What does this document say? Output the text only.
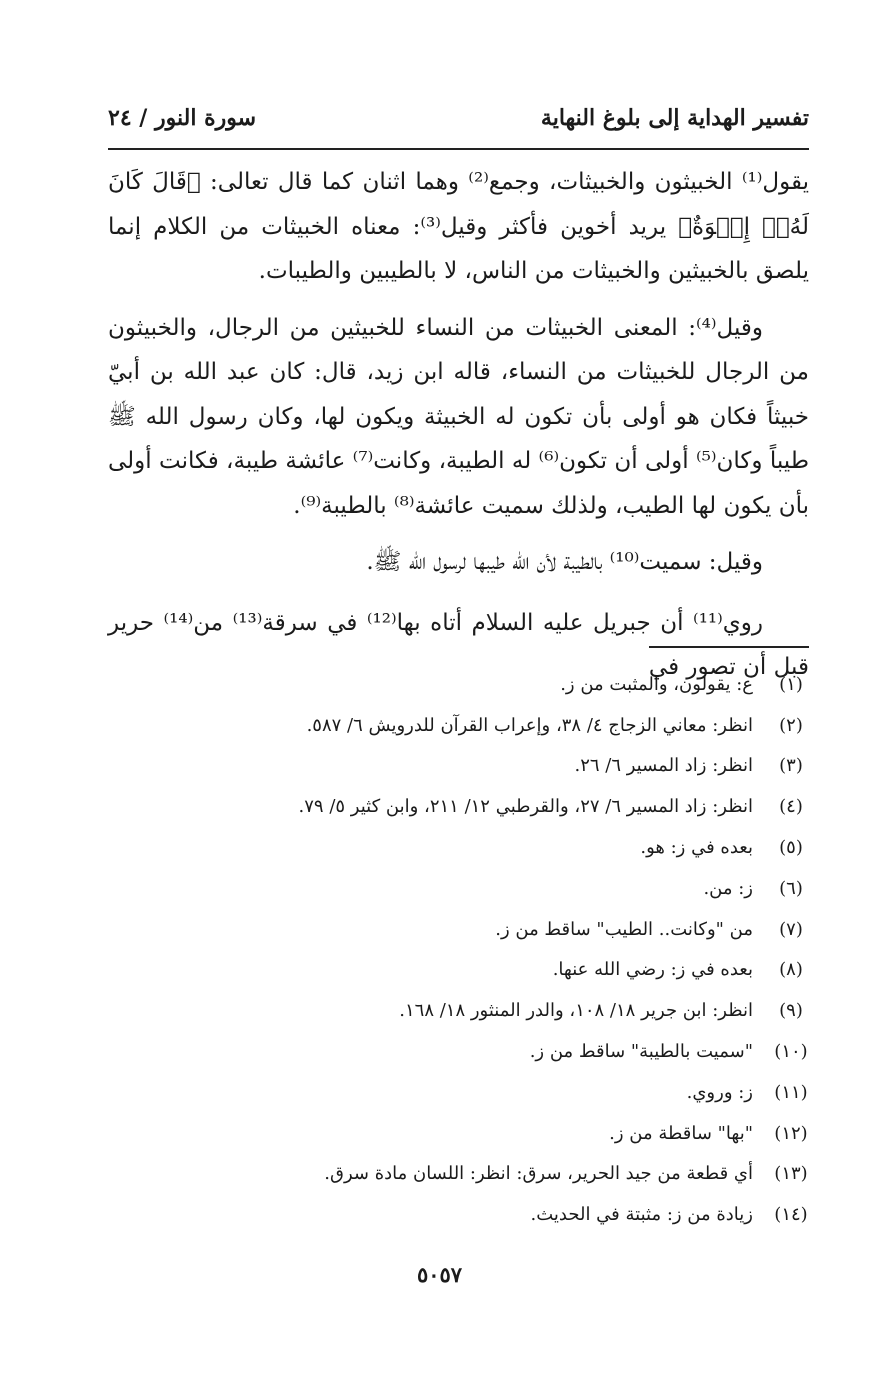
تفسير الهداية إلى بلوغ النهاية
سورة النور / ٢٤

يقول⁽¹⁾ الخبيثون والخبيثات، وجمع⁽²⁾ وهما اثنان كما قال تعالى: ﴿قَالَ كَانَ لَهُۥٓ إِخۡوَةٌ﴾ يريد أخوين فأكثر وقيل⁽³⁾: معناه الخبيثات من الكلام إنما يلصق بالخبيثين والخبيثات من الناس، لا بالطيبين والطيبات.

وقيل⁽⁴⁾: المعنى الخبيثات من النساء للخبيثين من الرجال، والخبيثون من الرجال للخبيثات من النساء، قاله ابن زيد، قال: كان عبد الله بن أبيّ خبيثاً فكان هو أولى بأن تكون له الخبيثة ويكون لها، وكان رسول الله ﷺ طيباً وكان⁽⁵⁾ أولى أن تكون⁽⁶⁾ له الطيبة، وكانت⁽⁷⁾ عائشة طيبة، فكانت أولى بأن يكون لها الطيب، ولذلك سميت عائشة⁽⁸⁾ بالطيبة⁽⁹⁾.

وقيل: سميت⁽¹⁰⁾ بالطيبة لأن الله طيبها لرسول الله ﷺ.

روي⁽¹¹⁾ أن جبريل عليه السلام أتاه بها⁽¹²⁾ في سرقة⁽¹³⁾ من⁽¹⁴⁾ حرير قبل أن تصور في

(١)
ع: يقولون، والمثبت من ز.
(٢)
انظر: معاني الزجاج ٤/ ٣٨، وإعراب القرآن للدرويش ٦/ ٥٨٧.
(٣)
انظر: زاد المسير ٦/ ٢٦.
(٤)
انظر: زاد المسير ٦/ ٢٧، والقرطبي ١٢/ ٢١١، وابن كثير ٥/ ٧٩.
(٥)
بعده في ز: هو.
(٦)
ز: من.
(٧)
من "وكانت.. الطيب" ساقط من ز.
(٨)
بعده في ز: رضي الله عنها.
(٩)
انظر: ابن جرير ١٨/ ١٠٨، والدر المنثور ١٨/ ١٦٨.
(١٠)
"سميت بالطيبة" ساقط من ز.
(١١)
ز: وروي.
(١٢)
"بها" ساقطة من ز.
(١٣)
أي قطعة من جيد الحرير، سرق: انظر: اللسان مادة سرق.
(١٤)
زيادة من ز: مثبتة في الحديث.
٥٠٥٧
